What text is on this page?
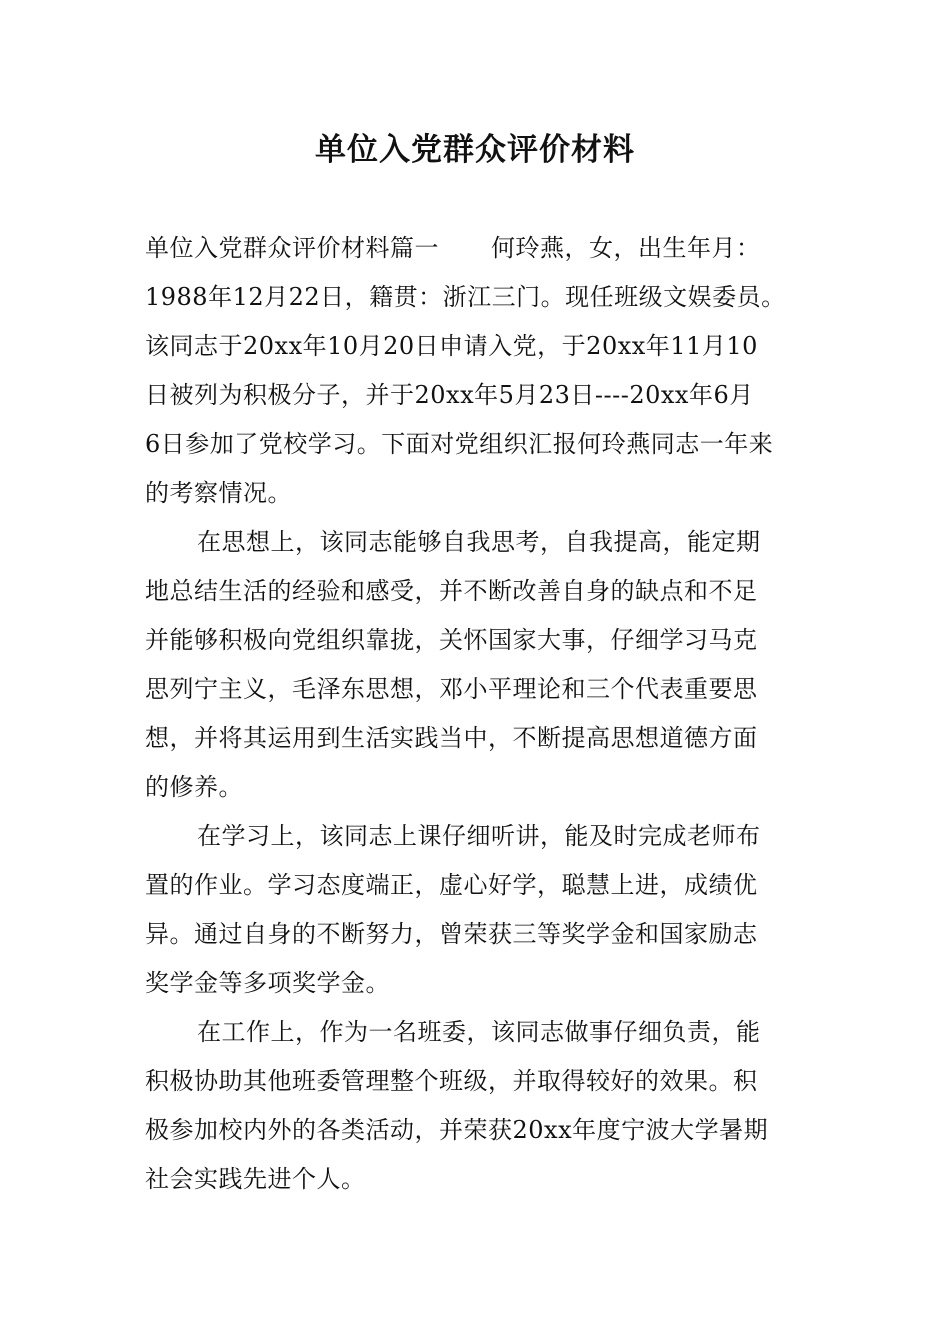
单位入党群众评价材料
单位入党群众评价材料篇一 何玲燕，女，出生年月：
1988年12月22日，籍贯：浙江三门。现任班级文娱委员。
该同志于20xx年10月20日申请入党，于20xx年11月10
日被列为积极分子，并于20xx年5月23日----20xx年6月
6日参加了党校学习。下面对党组织汇报何玲燕同志一年来
的考察情况。
在思想上，该同志能够自我思考，自我提高，能定期
地总结生活的经验和感受，并不断改善自身的缺点和不足
并能够积极向党组织靠拢，关怀国家大事，仔细学习马克
思列宁主义，毛泽东思想，邓小平理论和三个代表重要思
想，并将其运用到生活实践当中，不断提高思想道德方面
的修养。
在学习上，该同志上课仔细听讲，能及时完成老师布
置的作业。学习态度端正，虚心好学，聪慧上进，成绩优
异。通过自身的不断努力，曾荣获三等奖学金和国家励志
奖学金等多项奖学金。
在工作上，作为一名班委，该同志做事仔细负责，能
积极协助其他班委管理整个班级，并取得较好的效果。积
极参加校内外的各类活动，并荣获20xx年度宁波大学暑期
社会实践先进个人。
